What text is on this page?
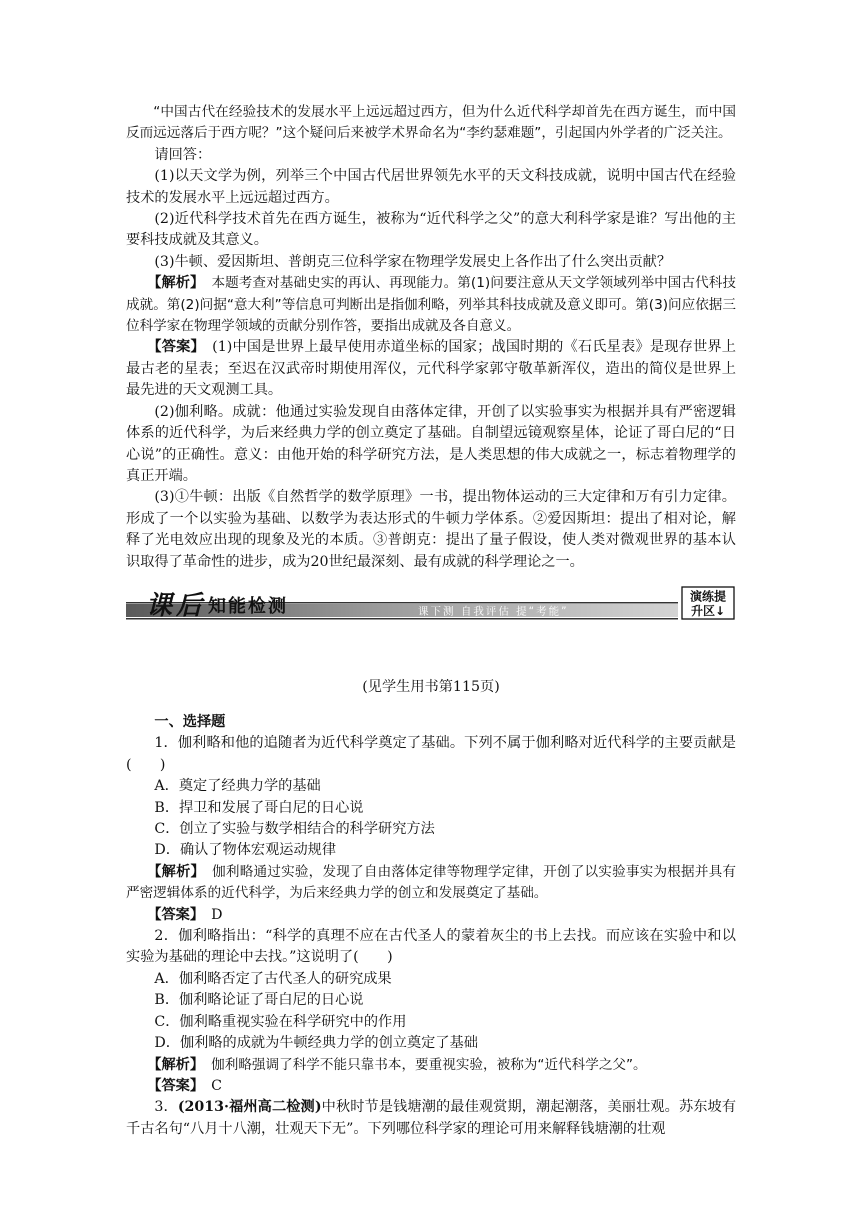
“中国古代在经验技术的发展水平上远远超过西方，但为什么近代科学却首先在西方诞生，而中国反而远远落后于西方呢？”这个疑问后来被学术界命名为“李约瑟难题”，引起国内外学者的广泛关注。

请回答：

(1)以天文学为例，列举三个中国古代居世界领先水平的天文科技成就，说明中国古代在经验技术的发展水平上远远超过西方。

(2)近代科学技术首先在西方诞生，被称为“近代科学之父”的意大利科学家是谁？写出他的主要科技成就及其意义。

(3)牛顿、爱因斯坦、普朗克三位科学家在物理学发展史上各作出了什么突出贡献？

【解析】　 本题考查对基础史实的再认、再现能力。第(1)问要注意从天文学领域列举中国古代科技成就。第(2)问据“意大利”等信息可判断出是指伽利略，列举其科技成就及意义即可。第(3)问应依据三位科学家在物理学领域的贡献分别作答，要指出成就及各自意义。

【答案】　 (1)中国是世界上最早使用赤道坐标的国家；战国时期的《石氏星表》是现存世界上最古老的星表；至迟在汉武帝时期使用浑仪，元代科学家郭守敬革新浑仪，造出的简仪是世界上最先进的天文观测工具。

(2)伽利略。成就：他通过实验发现自由落体定律，开创了以实验事实为根据并具有严密逻辑体系的近代科学，为后来经典力学的创立奠定了基础。自制望远镜观察星体，论证了哥白尼的“日心说”的正确性。意义：由他开始的科学研究方法，是人类思想的伟大成就之一，标志着物理学的真正开端。

(3)①牛顿：出版《自然哲学的数学原理》一书，提出物体运动的三大定律和万有引力定律。形成了一个以实验为基础、以数学为表达形式的牛顿力学体系。②爱因斯坦：提出了相对论，解释了光电效应出现的现象及光的本质。③普朗克：提出了量子假设，使人类对微观世界的基本认识取得了革命性的进步，成为20世纪最深刻、最有成就的科学理论之一。

课 后 知能检测	课下测 自我评估 提“考能”
演练提
升区↓
(见学生用书第115页)

一、选择题

1．伽利略和他的追随者为近代科学奠定了基础。下列不属于伽利略对近代科学的主要贡献是(　　)

A．奠定了经典力学的基础

B．捍卫和发展了哥白尼的日心说

C．创立了实验与数学相结合的科学研究方法

D．确认了物体宏观运动规律

【解析】　 伽利略通过实验，发现了自由落体定律等物理学定律，开创了以实验事实为根据并具有严密逻辑体系的近代科学，为后来经典力学的创立和发展奠定了基础。

【答案】　 D

2．伽利略指出：“科学的真理不应在古代圣人的蒙着灰尘的书上去找。而应该在实验中和以实验为基础的理论中去找。”这说明了(　　)

A．伽利略否定了古代圣人的研究成果

B．伽利略论证了哥白尼的日心说

C．伽利略重视实验在科学研究中的作用

D．伽利略的成就为牛顿经典力学的创立奠定了基础

【解析】　 伽利略强调了科学不能只靠书本，要重视实验，被称为“近代科学之父”。

【答案】　 C

3．(2013·福州高二检测)中秋时节是钱塘潮的最佳观赏期，潮起潮落，美丽壮观。苏东坡有千古名句“八月十八潮，壮观天下无”。下列哪位科学家的理论可用来解释钱塘潮的壮观
